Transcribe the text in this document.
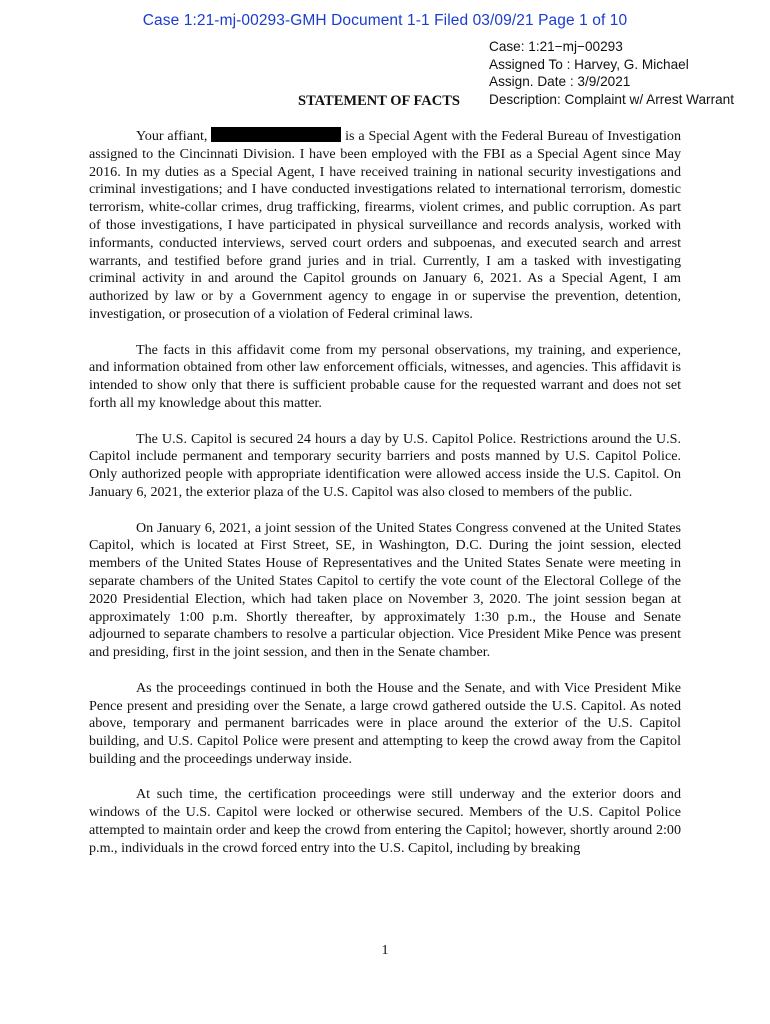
Case 1:21-mj-00293-GMH Document 1-1 Filed 03/09/21 Page 1 of 10
Case: 1:21−mj−00293
Assigned To : Harvey, G. Michael
Assign. Date : 3/9/2021
Description: Complaint w/ Arrest Warrant
STATEMENT OF FACTS

Your affiant,	is a Special Agent with the Federal Bureau of Investigation assigned to the Cincinnati Division. I have been employed with the FBI as a Special Agent since May 2016. In my duties as a Special Agent, I have received training in national security investigations and criminal investigations; and I have conducted investigations related to international terrorism, domestic terrorism, white-collar crimes, drug trafficking, firearms, violent crimes, and public corruption. As part of those investigations, I have participated in physical surveillance and records analysis, worked with informants, conducted interviews, served court orders and subpoenas, and executed search and arrest warrants, and testified before grand juries and in trial. Currently, I am a tasked with investigating criminal activity in and around the Capitol grounds on January 6, 2021. As a Special Agent, I am authorized by law or by a Government agency to engage in or supervise the prevention, detention, investigation, or prosecution of a violation of Federal criminal laws.

The facts in this affidavit come from my personal observations, my training, and experience, and information obtained from other law enforcement officials, witnesses, and agencies. This affidavit is intended to show only that there is sufficient probable cause for the requested warrant and does not set forth all my knowledge about this matter.

The U.S. Capitol is secured 24 hours a day by U.S. Capitol Police. Restrictions around the U.S. Capitol include permanent and temporary security barriers and posts manned by U.S. Capitol Police. Only authorized people with appropriate identification were allowed access inside the U.S. Capitol. On January 6, 2021, the exterior plaza of the U.S. Capitol was also closed to members of the public.

On January 6, 2021, a joint session of the United States Congress convened at the United States Capitol, which is located at First Street, SE, in Washington, D.C. During the joint session, elected members of the United States House of Representatives and the United States Senate were meeting in separate chambers of the United States Capitol to certify the vote count of the Electoral College of the 2020 Presidential Election, which had taken place on November 3, 2020. The joint session began at approximately 1:00 p.m. Shortly thereafter, by approximately 1:30 p.m., the House and Senate adjourned to separate chambers to resolve a particular objection. Vice President Mike Pence was present and presiding, first in the joint session, and then in the Senate chamber.

As the proceedings continued in both the House and the Senate, and with Vice President Mike Pence present and presiding over the Senate, a large crowd gathered outside the U.S. Capitol. As noted above, temporary and permanent barricades were in place around the exterior of the U.S. Capitol building, and U.S. Capitol Police were present and attempting to keep the crowd away from the Capitol building and the proceedings underway inside.

At such time, the certification proceedings were still underway and the exterior doors and windows of the U.S. Capitol were locked or otherwise secured. Members of the U.S. Capitol Police attempted to maintain order and keep the crowd from entering the Capitol; however, shortly around 2:00 p.m., individuals in the crowd forced entry into the U.S. Capitol, including by breaking

1
